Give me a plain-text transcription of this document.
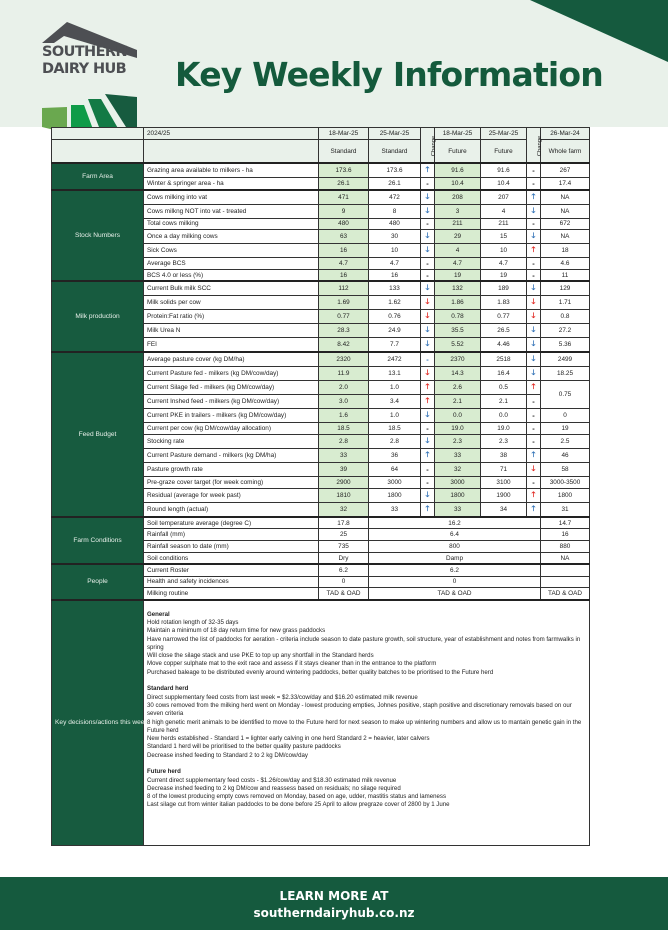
SOUTHERN
DAIRY HUB	Key Weekly Information
	2024/25	18-Mar-25	25-Mar-25	Change	18-Mar-25	25-Mar-25	Change	26-Mar-24
		Standard	Standard	Future	Future	Whole farm
Farm Area	Grazing area available to milkers - ha	173.6	173.6	🡑	91.6	91.6	-	267
Winter & springer area - ha	26.1	26.1	-	10.4	10.4	-	17.4
Stock Numbers	Cows milking into vat	471	472	🡓	208	207	🡑	NA
Cows milkng NOT into vat - treated	9	8	🡓	3	4	🡓	NA
Total cows milking	480	480	-	211	211	-	672
Once a day milking cows	63	30	🡓	29	15	🡓	NA
Sick Cows	16	10	🡓	4	10	🡑	18
Average BCS	4.7	4.7	-	4.7	4.7	-	4.6
BCS 4.0 or less (%)	16	16	-	19	19	-	11
Milk production	Current Bulk milk SCC	112	133	🡓	132	189	🡓	129
Milk solids per cow	1.69	1.62	🡓	1.86	1.83	🡓	1.71
Protein:Fat ratio (%)	0.77	0.76	🡓	0.78	0.77	🡓	0.8
Milk Urea N	28.3	24.9	🡓	35.5	26.5	🡓	27.2
FEI	8.42	7.7	🡓	5.52	4.46	🡓	5.36
Feed Budget	Average pasture cover (kg DM/ha)	2320	2472	-	2370	2518	🡓	2499
Current Pasture fed - milkers (kg DM/cow/day)	11.9	13.1	🡓	14.3	16.4	🡓	18.25
Current Silage fed - milkers (kg DM/cow/day)	2.0	1.0	🡑	2.6	0.5	🡑	0.75
Current Inshed feed - milkers (kg DM/cow/day)	3.0	3.4	🡑	2.1	2.1	-
Current PKE in trailers - milkers (kg DM/cow/day)	1.6	1.0	🡓	0.0	0.0	-	0
Current per cow (kg DM/cow/day allocation)	18.5	18.5	-	19.0	19.0	-	19
Stocking rate	2.8	2.8	🡓	2.3	2.3	-	2.5
Current Pasture demand - milkers (kg DM/ha)	33	36	🡑	33	38	🡑	46
Pasture growth rate	39	64	-	32	71	🡓	58
Pre-graze cover target (for week coming)	2900	3000	-	3000	3100	-	3000-3500
Residual (average for week past)	1810	1800	🡓	1800	1900	🡑	1800
Round length (actual)	32	33	🡑	33	34	🡑	31
Farm Conditions	Soil temperature average (degree C)	17.8	16.2	14.7
Rainfall (mm)	25	6.4	16
Rainfall season to date (mm)	735	800	880
Soil conditions	Dry	Damp	NA
People	Current Roster	6.2	6.2	
Health and safety incidences	0	0	
Milking routine	TAD & OAD	TAD & OAD	TAD & OAD
Key decisions/actions this week	
General
Hold rotation length of 32-35 days
Maintain a minimum of 18 day return time for new grass paddocks
Have narrowed the list of paddocks for aeration - criteria include season to date pasture growth, soil structure, year of establishment and notes from farmwalks in spring
Will close the silage stack and use PKE to top up any shortfall in the Standard herds
Move copper sulphate mat to the exit race and assess if it stays cleaner than in the entrance to the platform
Purchased baleage to be distributed evenly around wintering paddocks, better quality batches to be prioritised to the Future herd
Standard herd
Direct supplementary feed costs from last week = $2.33/cow/day and $16.20 estimated milk revenue
30 cows removed from the milking herd went on Monday - lowest producing empties, Johnes positive, staph positive and discretionary removals based on our seven criteria
8 high genetic merit animals to be identified to move to the Future herd for next season to make up wintering numbers and allow us to mantain genetic gain in the Future herd
New herds established - Standard 1 = lighter early calving in one herd Standard 2 = heavier, later calvers
Standard 1 herd will be prioritised to the better quality pasture paddocks
Decrease inshed feeding to Standard 2 to 2 kg DM/cow/day
Future herd
Current direct supplementary feed costs - $1.26/cow/day and $18.30 estimated milk revenue
Decrease inshed feeding to 2 kg DM/cow and reassess based on residuals; no silage required
8 of the lowest producing empty cows removed on Monday, based on age, udder, mastitis status and lameness
Last silage cut from winter italian paddocks to be done before 25 April to allow pregraze cover of 2800 by 1 June
LEARN MORE AT
southerndairyhub.co.nz
